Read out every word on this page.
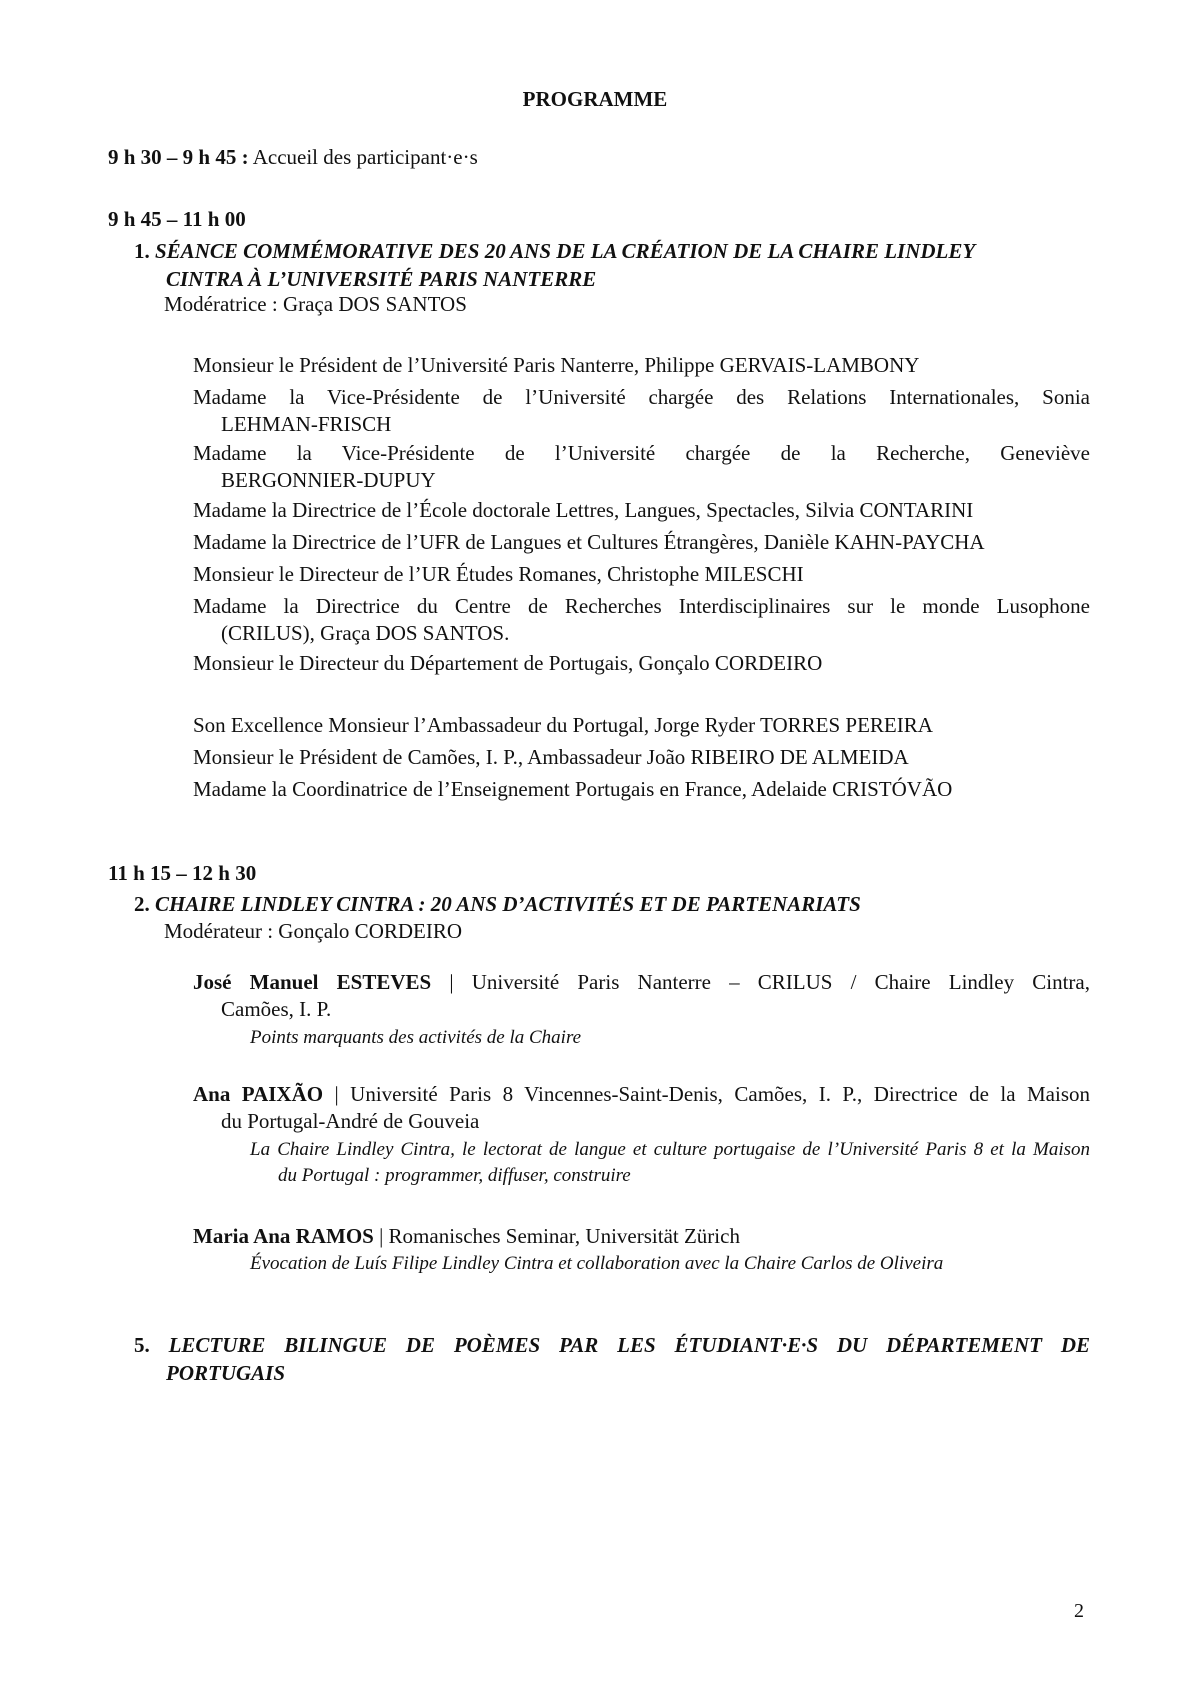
PROGRAMME
9 h 30 – 9 h 45 : Accueil des participant·e·s
9 h 45 – 11 h 00
1. SÉANCE COMMÉMORATIVE DES 20 ANS DE LA CRÉATION DE LA CHAIRE LINDLEY
CINTRA À L’UNIVERSITÉ PARIS NANTERRE
Modératrice : Graça DOS SANTOS
Monsieur le Président de l’Université Paris Nanterre, Philippe GERVAIS-LAMBONY
Madame la Vice-Présidente de l’Université chargée des Relations Internationales, Sonia
LEHMAN-FRISCH
Madame la Vice-Présidente de l’Université chargée de la Recherche, Geneviève
BERGONNIER-DUPUY
Madame la Directrice de l’École doctorale Lettres, Langues, Spectacles, Silvia CONTARINI
Madame la Directrice de l’UFR de Langues et Cultures Étrangères, Danièle KAHN-PAYCHA
Monsieur le Directeur de l’UR Études Romanes, Christophe MILESCHI
Madame la Directrice du Centre de Recherches Interdisciplinaires sur le monde Lusophone
(CRILUS), Graça DOS SANTOS.
Monsieur le Directeur du Département de Portugais, Gonçalo CORDEIRO
Son Excellence Monsieur l’Ambassadeur du Portugal, Jorge Ryder TORRES PEREIRA
Monsieur le Président de Camões, I. P., Ambassadeur João RIBEIRO DE ALMEIDA
Madame la Coordinatrice de l’Enseignement Portugais en France, Adelaide CRISTÓVÃO
11 h 15 – 12 h 30
2. CHAIRE LINDLEY CINTRA : 20 ANS D’ACTIVITÉS ET DE PARTENARIATS
Modérateur : Gonçalo CORDEIRO
José Manuel ESTEVES | Université Paris Nanterre – CRILUS / Chaire Lindley Cintra,
Camões, I. P.
Points marquants des activités de la Chaire
Ana PAIXÃO | Université Paris 8 Vincennes-Saint-Denis, Camões, I. P., Directrice de la Maison
du Portugal-André de Gouveia
La Chaire Lindley Cintra, le lectorat de langue et culture portugaise de l’Université Paris 8 et la Maison
du Portugal : programmer, diffuser, construire
Maria Ana RAMOS | Romanisches Seminar, Universität Zürich
Évocation de Luís Filipe Lindley Cintra et collaboration avec la Chaire Carlos de Oliveira
5. LECTURE BILINGUE DE POÈMES PAR LES ÉTUDIANT·E·S DU DÉPARTEMENT DE
PORTUGAIS
2
